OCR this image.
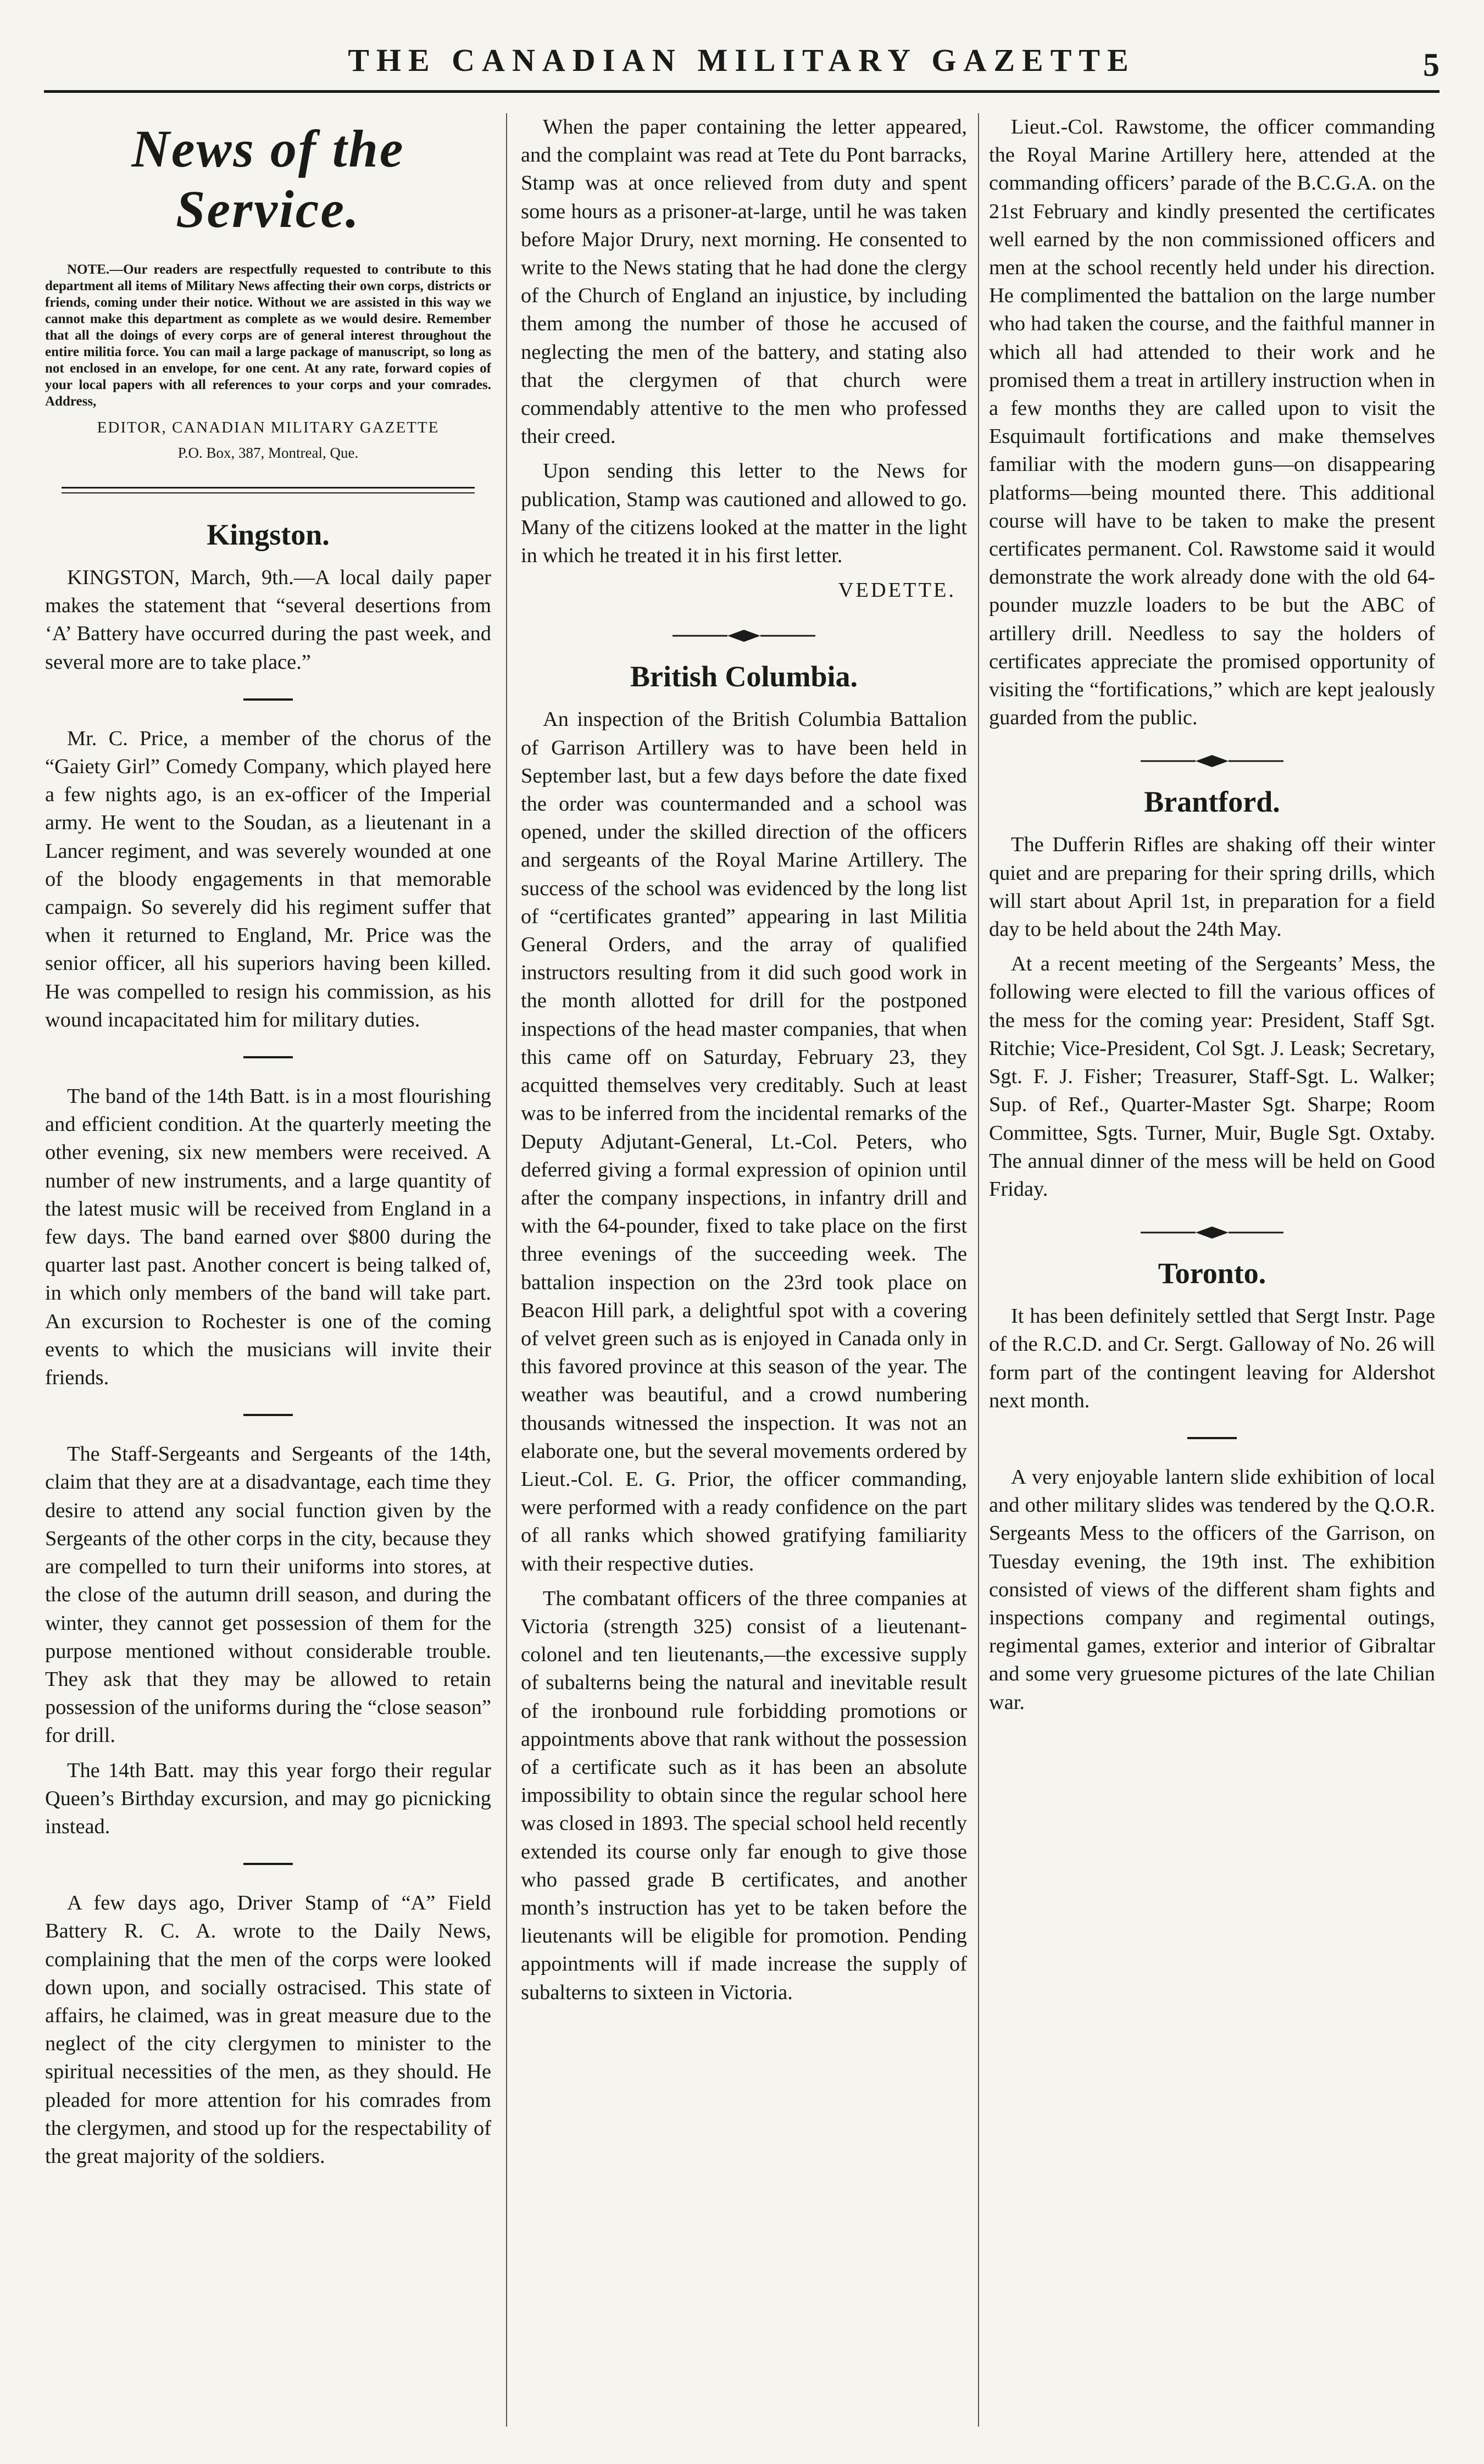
THE CANADIAN MILITARY GAZETTE	5
News of the Service.

NOTE.—Our readers are respectfully requested to contribute to this department all items of Military News affecting their own corps, districts or friends, coming under their notice. Without we are assisted in this way we cannot make this department as complete as we would desire. Remember that all the doings of every corps are of general interest throughout the entire militia force. You can mail a large package of manuscript, so long as not enclosed in an envelope, for one cent. At any rate, forward copies of your local papers with all references to your corps and your comrades. Address,

EDITOR, CANADIAN MILITARY GAZETTE
P.O. Box, 387, Montreal, Que.
Kingston.

KINGSTON, March, 9th.—A local daily paper makes the statement that “several desertions from ‘A’ Battery have occurred during the past week, and several more are to take place.”

Mr. C. Price, a member of the chorus of the “Gaiety Girl” Comedy Company, which played here a few nights ago, is an ex-officer of the Imperial army. He went to the Soudan, as a lieutenant in a Lancer regiment, and was severely wounded at one of the bloody engagements in that memorable campaign. So severely did his regiment suffer that when it returned to England, Mr. Price was the senior officer, all his superiors having been killed. He was compelled to resign his commission, as his wound incapacitated him for military duties.

The band of the 14th Batt. is in a most flourishing and efficient condition. At the quarterly meeting the other evening, six new members were received. A number of new instruments, and a large quantity of the latest music will be received from England in a few days. The band earned over $800 during the quarter last past. Another concert is being talked of, in which only members of the band will take part. An excursion to Rochester is one of the coming events to which the musicians will invite their friends.

The Staff-Sergeants and Sergeants of the 14th, claim that they are at a disadvantage, each time they desire to attend any social function given by the Sergeants of the other corps in the city, because they are compelled to turn their uniforms into stores, at the close of the autumn drill season, and during the winter, they cannot get possession of them for the purpose mentioned without considerable trouble. They ask that they may be allowed to retain possession of the uniforms during the “close season” for drill.

The 14th Batt. may this year forgo their regular Queen’s Birthday excursion, and may go picnicking instead.

A few days ago, Driver Stamp of “A” Field Battery R. C. A. wrote to the Daily News, complaining that the men of the corps were looked down upon, and socially ostracised. This state of affairs, he claimed, was in great measure due to the neglect of the city clergymen to minister to the spiritual necessities of the men, as they should. He pleaded for more attention for his comrades from the clergymen, and stood up for the respectability of the great majority of the soldiers.

When the paper containing the letter appeared, and the complaint was read at Tete du Pont barracks, Stamp was at once relieved from duty and spent some hours as a prisoner-at-large, until he was taken before Major Drury, next morning. He consented to write to the News stating that he had done the clergy of the Church of England an injustice, by including them among the number of those he accused of neglecting the men of the battery, and stating also that the clergymen of that church were commendably attentive to the men who professed their creed.

Upon sending this letter to the News for publication, Stamp was cautioned and allowed to go. Many of the citizens looked at the matter in the light in which he treated it in his first letter.

VEDETTE.

British Columbia.

An inspection of the British Columbia Battalion of Garrison Artillery was to have been held in September last, but a few days before the date fixed the order was countermanded and a school was opened, under the skilled direction of the officers and sergeants of the Royal Marine Artillery. The success of the school was evidenced by the long list of “certificates granted” appearing in last Militia General Orders, and the array of qualified instructors resulting from it did such good work in the month allotted for drill for the postponed inspections of the head master companies, that when this came off on Saturday, February 23, they acquitted themselves very creditably. Such at least was to be inferred from the incidental remarks of the Deputy Adjutant-General, Lt.-Col. Peters, who deferred giving a formal expression of opinion until after the company inspections, in infantry drill and with the 64-pounder, fixed to take place on the first three evenings of the succeeding week. The battalion inspection on the 23rd took place on Beacon Hill park, a delightful spot with a covering of velvet green such as is enjoyed in Canada only in this favored province at this season of the year. The weather was beautiful, and a crowd numbering thousands witnessed the inspection. It was not an elaborate one, but the several movements ordered by Lieut.-Col. E. G. Prior, the officer commanding, were performed with a ready confidence on the part of all ranks which showed gratifying familiarity with their respective duties.

The combatant officers of the three companies at Victoria (strength 325) consist of a lieutenant-colonel and ten lieutenants,—the excessive supply of subalterns being the natural and inevitable result of the ironbound rule forbidding promotions or appointments above that rank without the possession of a certificate such as it has been an absolute impossibility to obtain since the regular school here was closed in 1893. The special school held recently extended its course only far enough to give those who passed grade B certificates, and another month’s instruction has yet to be taken before the lieutenants will be eligible for promotion. Pending appointments will if made increase the supply of subalterns to sixteen in Victoria.

Lieut.-Col. Rawstome, the officer commanding the Royal Marine Artillery here, attended at the commanding officers’ parade of the B.C.G.A. on the 21st February and kindly presented the certificates well earned by the non commissioned officers and men at the school recently held under his direction. He complimented the battalion on the large number who had taken the course, and the faithful manner in which all had attended to their work and he promised them a treat in artillery instruction when in a few months they are called upon to visit the Esquimault fortifications and make themselves familiar with the modern guns—on disappearing platforms—being mounted there. This additional course will have to be taken to make the present certificates permanent. Col. Rawstome said it would demonstrate the work already done with the old 64-pounder muzzle loaders to be but the ABC of artillery drill. Needless to say the holders of certificates appreciate the promised opportunity of visiting the “fortifications,” which are kept jealously guarded from the public.

Brantford.

The Dufferin Rifles are shaking off their winter quiet and are preparing for their spring drills, which will start about April 1st, in preparation for a field day to be held about the 24th May.

At a recent meeting of the Sergeants’ Mess, the following were elected to fill the various offices of the mess for the coming year: President, Staff Sgt. Ritchie; Vice-President, Col Sgt. J. Leask; Secretary, Sgt. F. J. Fisher; Treasurer, Staff-Sgt. L. Walker; Sup. of Ref., Quarter-Master Sgt. Sharpe; Room Committee, Sgts. Turner, Muir, Bugle Sgt. Oxtaby. The annual dinner of the mess will be held on Good Friday.

Toronto.

It has been definitely settled that Sergt Instr. Page of the R.C.D. and Cr. Sergt. Galloway of No. 26 will form part of the contingent leaving for Aldershot next month.

A very enjoyable lantern slide exhibition of local and other military slides was tendered by the Q.O.R. Sergeants Mess to the officers of the Garrison, on Tuesday evening, the 19th inst. The exhibition consisted of views of the different sham fights and inspections company and regimental outings, regimental games, exterior and interior of Gibraltar and some very gruesome pictures of the late Chilian war.
